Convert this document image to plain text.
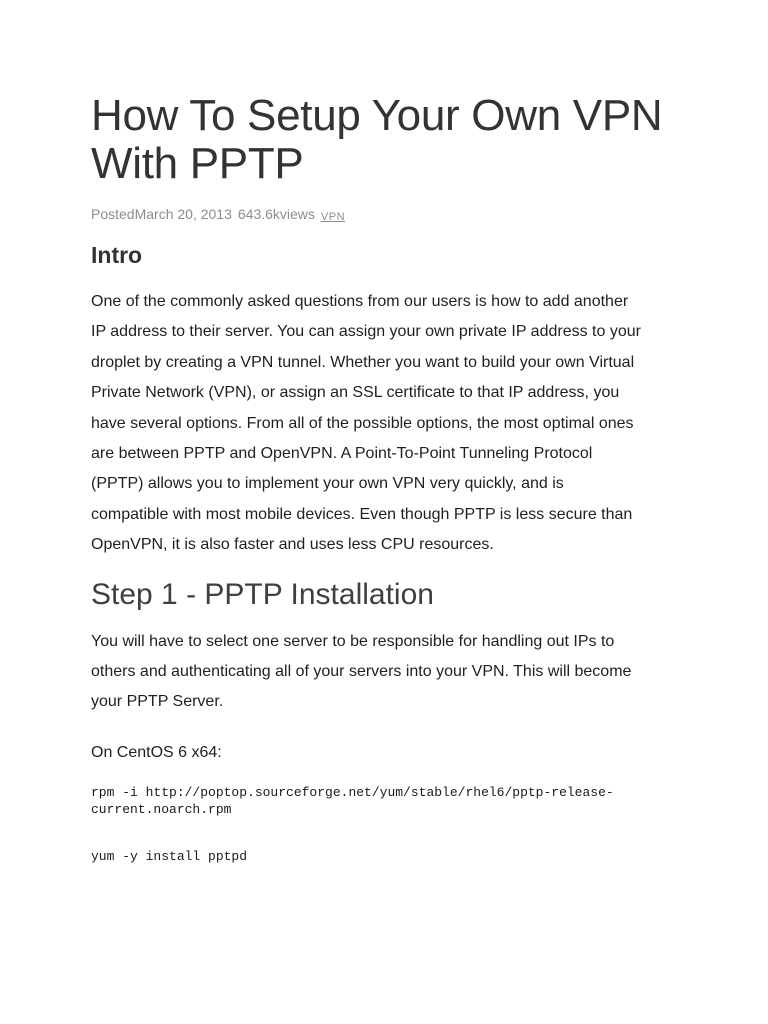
How To Setup Your Own VPN With PPTP
PostedMarch 20, 2013 643.6kviews VPN
Intro

One of the commonly asked questions from our users is how to add another
IP address to their server. You can assign your own private IP address to your
droplet by creating a VPN tunnel. Whether you want to build your own Virtual
Private Network (VPN), or assign an SSL certificate to that IP address, you
have several options. From all of the possible options, the most optimal ones
are between PPTP and OpenVPN. A Point-To-Point Tunneling Protocol
(PPTP) allows you to implement your own VPN very quickly, and is
compatible with most mobile devices. Even though PPTP is less secure than
OpenVPN, it is also faster and uses less CPU resources.

Step 1 - PPTP Installation

You will have to select one server to be responsible for handling out IPs to
others and authenticating all of your servers into your VPN. This will become
your PPTP Server.

On CentOS 6 x64:
rpm -i http://poptop.sourceforge.net/yum/stable/rhel6/pptp-release-
current.noarch.rpm
yum -y install pptpd
